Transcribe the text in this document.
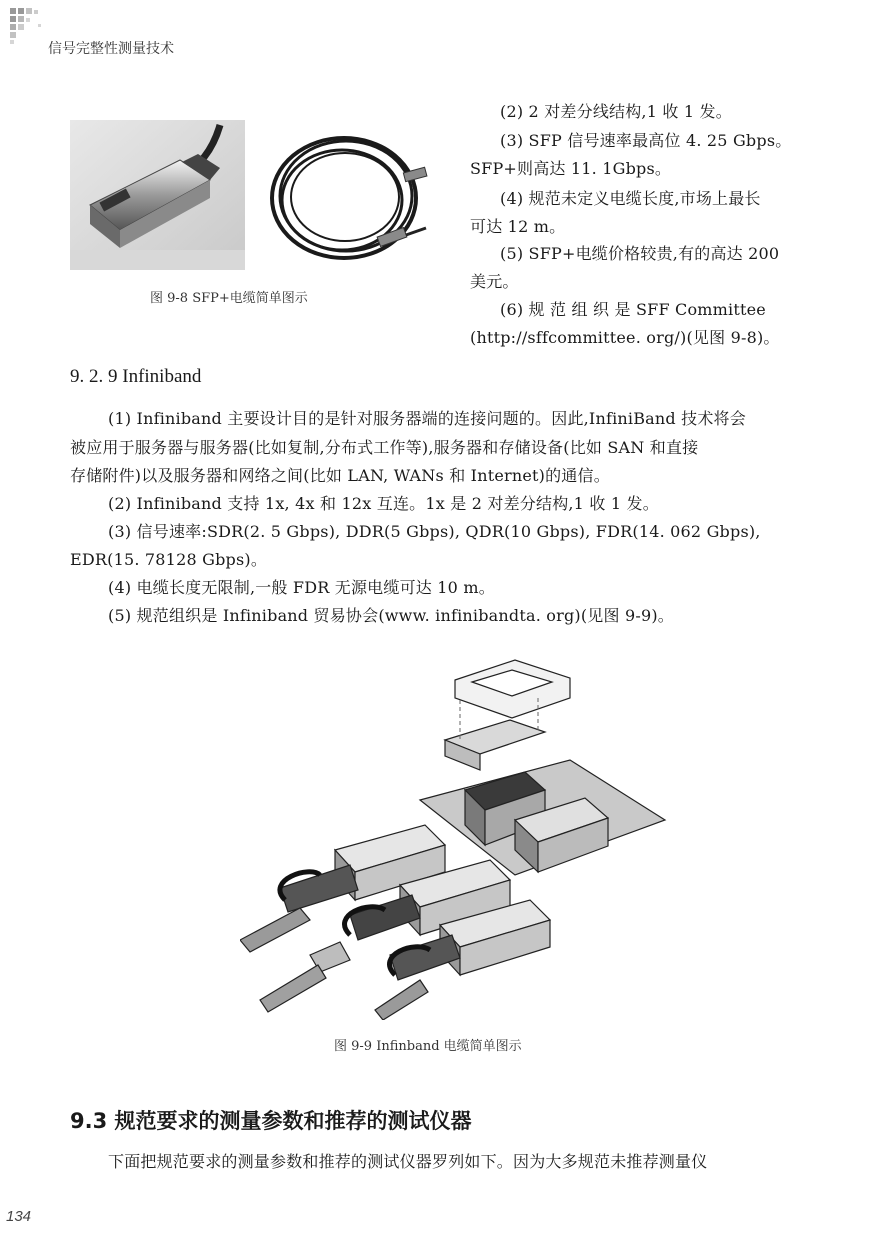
信号完整性测量技术
图 9-8 SFP+电缆简单图示
(2) 2 对差分线结构,1 收 1 发。
(3) SFP 信号速率最高位 4. 25 Gbps。
SFP+则高达 11. 1Gbps。
(4) 规范未定义电缆长度,市场上最长
可达 12 m。
(5) SFP+电缆价格较贵,有的高达 200
美元。
(6) 规 范 组 织 是 SFF Committee
(http://sffcommittee. org/)(见图 9-8)。
9. 2. 9 Infiniband
(1) Infiniband 主要设计目的是针对服务器端的连接问题的。因此,InfiniBand 技术将会
被应用于服务器与服务器(比如复制,分布式工作等),服务器和存储设备(比如 SAN 和直接
存储附件)以及服务器和网络之间(比如 LAN, WANs 和 Internet)的通信。
(2) Infiniband 支持 1x, 4x 和 12x 互连。1x 是 2 对差分结构,1 收 1 发。
(3) 信号速率:SDR(2. 5 Gbps), DDR(5 Gbps), QDR(10 Gbps), FDR(14. 062 Gbps),
EDR(15. 78128 Gbps)。
(4) 电缆长度无限制,一般 FDR 无源电缆可达 10 m。
(5) 规范组织是 Infiniband 贸易协会(www. infinibandta. org)(见图 9-9)。
图 9-9 Infinband 电缆简单图示
9.3 规范要求的测量参数和推荐的测试仪器
下面把规范要求的测量参数和推荐的测试仪器罗列如下。因为大多规范未推荐测量仪
134
